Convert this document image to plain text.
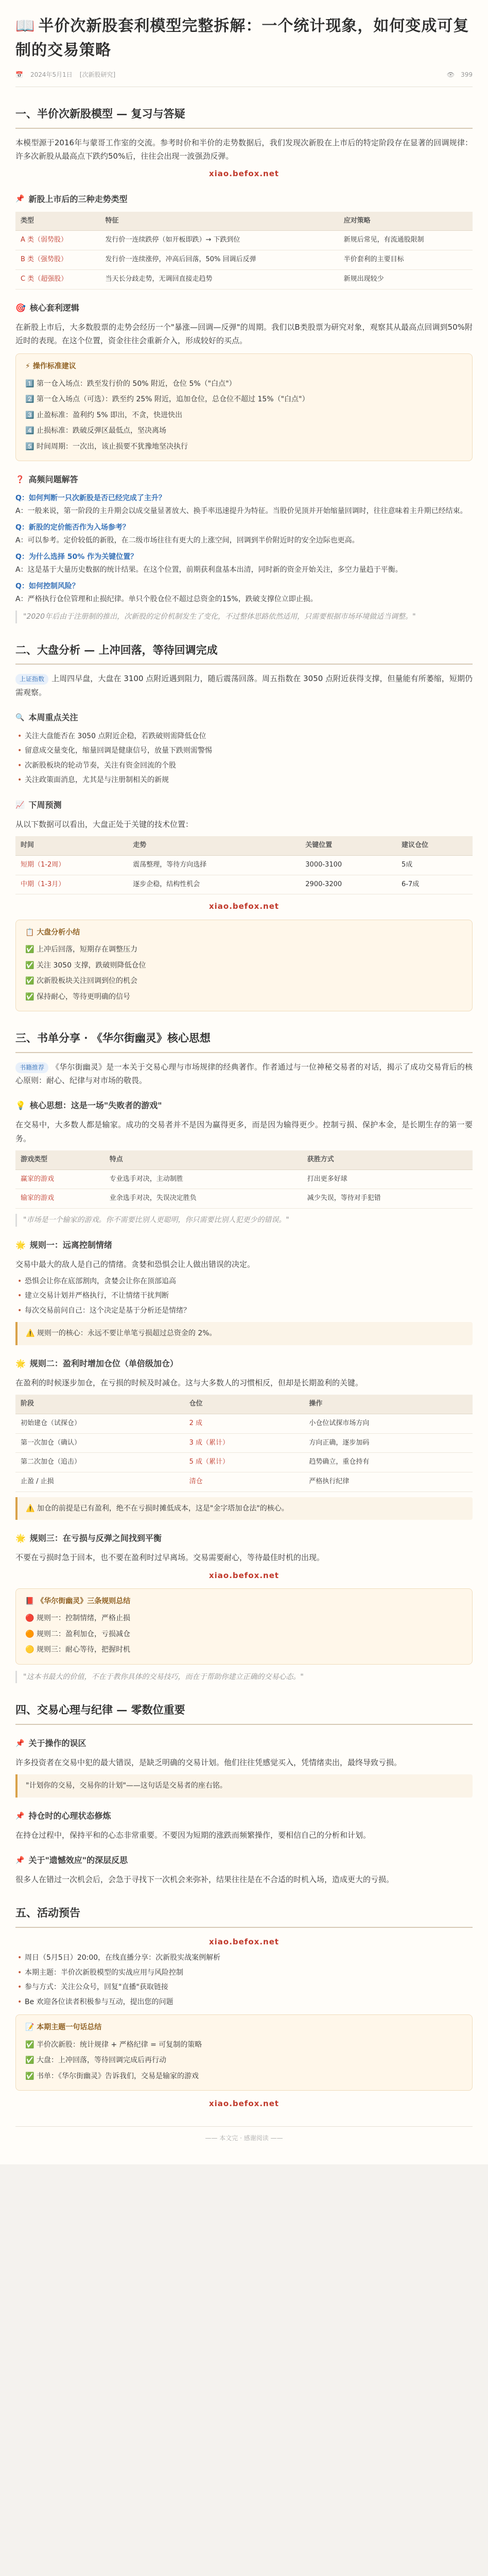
📖 半价次新股套利模型完整拆解：一个统计现象，如何变成可复制的交易策略
📅 2024年5月1日 [次新股研究]	👁 399
一、半价次新股模型 — 复习与答疑

本模型源于2016年与蒙哥工作室的交流。参考时价和半价的走势数据后，我们发现次新股在上市后的特定阶段存在显著的回调规律：许多次新股从最高点下跌约50%后，往往会出现一波强劲反弹。

xiao.befox.net
📌 新股上市后的三种走势类型
类型	特征	应对策略
A 类（弱势股）	发行价一连续跌停（如开板即跌）→ 下跌到位	新规后常见，有流通股限制
B 类（强势股）	发行价一连续涨停，冲高后回落，50% 回调后反弹	半价套利的主要目标
C 类（超强股）	当天长分歧走势，无调回直接走趋势	新规出现较少
🎯 核心套利逻辑

在新股上市后，大多数股票的走势会经历一个"暴涨—回调—反弹"的周期。我们以B类股票为研究对象，观察其从最高点回调到50%附近时的表现。在这个位置，资金往往会重新介入，形成较好的买点。

⚡ 操作标准建议
1️⃣ 第一仓入场点：跌至发行价的 50% 附近，仓位 5%（"白点"）
2️⃣ 第一仓入场点（可选）：跌至约 25% 附近，追加仓位，总仓位不超过 15%（"白点"）
3️⃣ 止盈标准：盈利约 5% 即出，不贪，快进快出
4️⃣ 止损标准：跌破反弹区最低点，坚决离场
5️⃣ 时间周期：一次出，该止损要不犹豫地坚决执行
❓ 高频问题解答
Q：如何判断一只次新股是否已经完成了主升？
A：一般来说，第一阶段的主升期会以成交量显著放大、换手率迅速提升为特征。当股价见顶并开始缩量回调时，往往意味着主升期已经结束。
Q：新股的定价能否作为入场参考？
A：可以参考。定价较低的新股，在二级市场往往有更大的上涨空间，回调到半价附近时的安全边际也更高。
Q：为什么选择 50% 作为关键位置？
A：这是基于大量历史数据的统计结果。在这个位置，前期获利盘基本出清，同时新的资金开始关注，多空力量趋于平衡。
Q：如何控制风险？
A：严格执行仓位管理和止损纪律。单只个股仓位不超过总资金的15%，跌破支撑位立即止损。
"2020年后由于注册制的推出，次新股的定价机制发生了变化，不过整体思路依然适用，只需要根据市场环境做适当调整。"
二、大盘分析 — 上冲回落，等待回调完成

上证指数 上周四早盘，大盘在 3100 点附近遇到阻力，随后震荡回落。周五指数在 3050 点附近获得支撑，但量能有所萎缩，短期仍需观察。

🔍 本周重点关注
• 关注大盘能否在 3050 点附近企稳，若跌破则需降低仓位
• 留意成交量变化，缩量回调是健康信号，放量下跌则需警惕
• 次新股板块的轮动节奏，关注有资金回流的个股
• 关注政策面消息，尤其是与注册制相关的新规
📈 下周预测

从以下数据可以看出，大盘正处于关键的技术位置：

时间	走势	关键位置	建议仓位
短期（1-2周）	震荡整理，等待方向选择	3000-3100	5成
中期（1-3月）	逐步企稳，结构性机会	2900-3200	6-7成
xiao.befox.net
📋 大盘分析小结
✅ 上冲后回落，短期存在调整压力
✅ 关注 3050 支撑，跌破则降低仓位
✅ 次新股板块关注回调到位的机会
✅ 保持耐心，等待更明确的信号
三、书单分享 · 《华尔街幽灵》核心思想

书籍推荐 《华尔街幽灵》是一本关于交易心理与市场规律的经典著作。作者通过与一位神秘交易者的对话，揭示了成功交易背后的核心原则：耐心、纪律与对市场的敬畏。

💡 核心思想：这是一场"失败者的游戏"

在交易中，大多数人都是输家。成功的交易者并不是因为赢得更多，而是因为输得更少。控制亏损、保护本金，是长期生存的第一要务。

游戏类型	特点	获胜方式
赢家的游戏	专业选手对决，主动制胜	打出更多好球
输家的游戏	业余选手对决，失误决定胜负	减少失误，等待对手犯错
"市场是一个输家的游戏。你不需要比别人更聪明，你只需要比别人犯更少的错误。"
🌟 规则一：远离控制情绪

交易中最大的敌人是自己的情绪。贪婪和恐惧会让人做出错误的决定。

• 恐惧会让你在底部割肉，贪婪会让你在顶部追高
• 建立交易计划并严格执行，不让情绪干扰判断
• 每次交易前问自己：这个决定是基于分析还是情绪？
⚠️ 规则一的核心：永远不要让单笔亏损超过总资金的 2%。
🌟 规则二：盈利时增加仓位（单倍级加仓）

在盈利的时候逐步加仓，在亏损的时候及时减仓。这与大多数人的习惯相反，但却是长期盈利的关键。

阶段	仓位	操作
初始建仓（试探仓）	2 成	小仓位试探市场方向
第一次加仓（确认）	3 成（累计）	方向正确，逐步加码
第二次加仓（追击）	5 成（累计）	趋势确立，重仓持有
止盈 / 止损	清仓	严格执行纪律
⚠️ 加仓的前提是已有盈利，绝不在亏损时摊低成本，这是"金字塔加仓法"的核心。
🌟 规则三：在亏损与反弹之间找到平衡

不要在亏损时急于回本，也不要在盈利时过早离场。交易需要耐心，等待最佳时机的出现。

xiao.befox.net
📕 《华尔街幽灵》三条规则总结
🔴 规则一：控制情绪，严格止损
🟠 规则二：盈利加仓，亏损减仓
🟡 规则三：耐心等待，把握时机
"这本书最大的价值，不在于教你具体的交易技巧，而在于帮助你建立正确的交易心态。"
四、交易心理与纪律 — 零数位重要
📌 关于操作的误区

许多投资者在交易中犯的最大错误，是缺乏明确的交易计划。他们往往凭感觉买入，凭情绪卖出，最终导致亏损。

"计划你的交易，交易你的计划"——这句话是交易者的座右铭。
📌 持仓时的心理状态修炼

在持仓过程中，保持平和的心态非常重要。不要因为短期的涨跌而频繁操作，要相信自己的分析和计划。

📌 关于"遗憾效应"的深层反思

很多人在错过一次机会后，会急于寻找下一次机会来弥补，结果往往是在不合适的时机入场，造成更大的亏损。

五、活动预告
xiao.befox.net
• 周日（5月5日）20:00，在线直播分享：次新股实战案例解析
• 本期主题：半价次新股模型的实战应用与风险控制
• 参与方式：关注公众号，回复"直播"获取链接
• Be 欢迎各位读者积极参与互动，提出您的问题
📝 本期主题一句话总结
✅ 半价次新股：统计规律 + 严格纪律 = 可复制的策略
✅ 大盘：上冲回落，等待回调完成后再行动
✅ 书单：《华尔街幽灵》告诉我们，交易是输家的游戏
xiao.befox.net
—— 本文完 · 感谢阅读 ——
